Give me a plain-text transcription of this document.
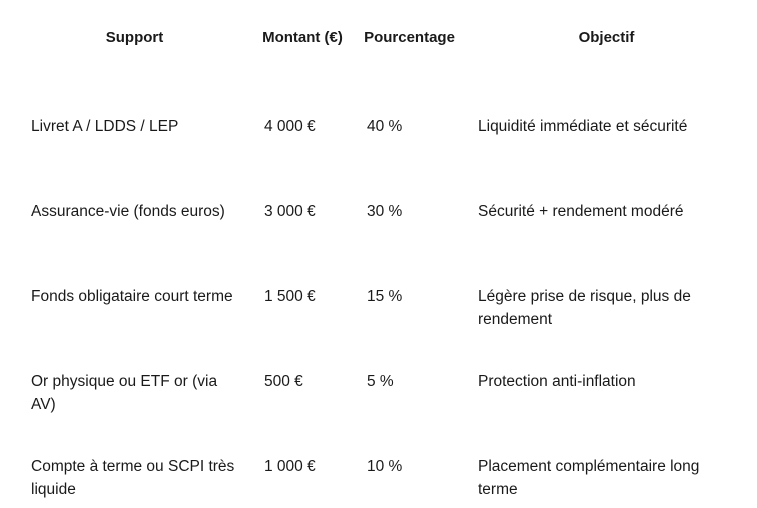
Support	Montant (€)	Pourcentage	Objectif
Livret A / LDDS / LEP	4 000 €	40 %	Liquidité immédiate et sécurité
Assurance-vie (fonds euros)	3 000 €	30 %	Sécurité + rendement modéré
Fonds obligataire court terme	1 500 €	15 %	Légère prise de risque, plus de rendement
Or physique ou ETF or (via AV)	500 €	5 %	Protection anti-inflation
Compte à terme ou SCPI très liquide	1 000 €	10 %	Placement complémentaire long terme
